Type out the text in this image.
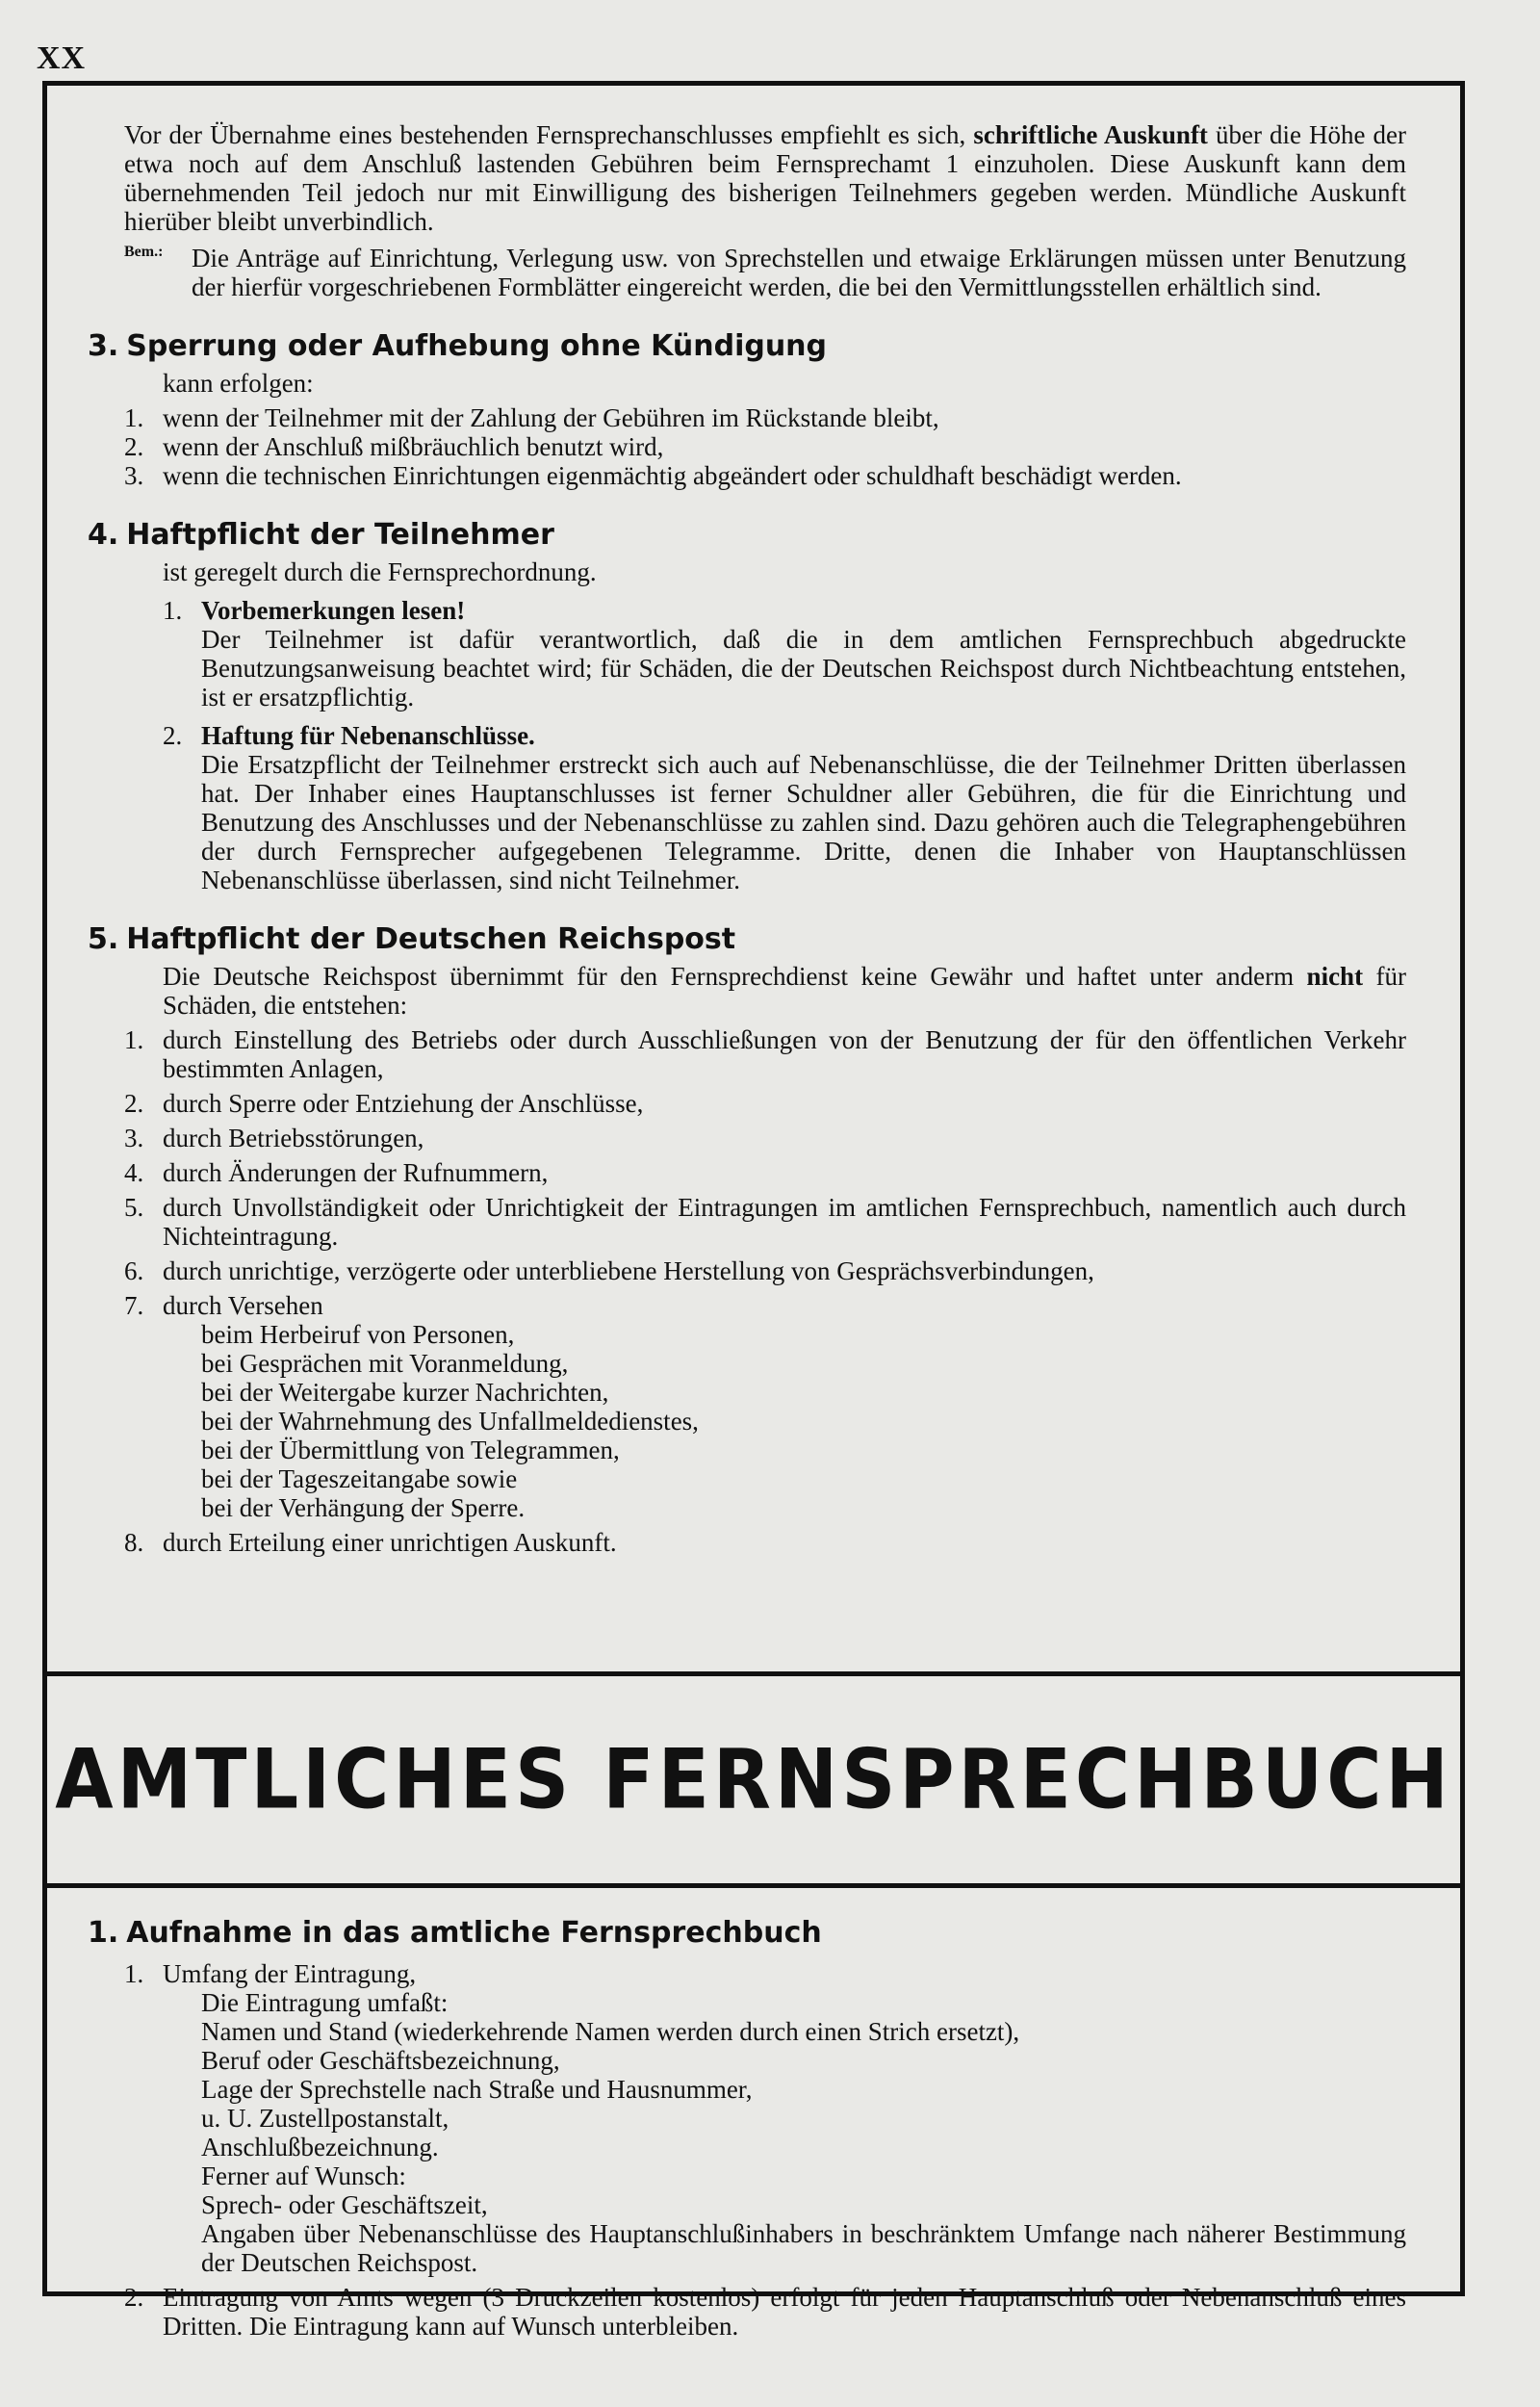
XX

Vor der Übernahme eines bestehenden Fernsprechanschlusses empfiehlt es sich, schriftliche Auskunft über die Höhe der etwa noch auf dem Anschluß lastenden Gebühren beim Fernsprechamt 1 einzuholen. Diese Auskunft kann dem übernehmenden Teil jedoch nur mit Einwilligung des bisherigen Teilnehmers gegeben werden. Mündliche Auskunft hierüber bleibt unverbindlich.

Bem.:	Die Anträge auf Einrichtung, Verlegung usw. von Sprechstellen und etwaige Erklärungen müssen unter Benutzung der hierfür vorgeschriebenen Formblätter eingereicht werden, die bei den Vermittlungsstellen erhältlich sind.

3. Sperrung oder Aufhebung ohne Kündigung

kann erfolgen:

1. wenn der Teilnehmer mit der Zahlung der Gebühren im Rückstande bleibt,
2. wenn der Anschluß mißbräuchlich benutzt wird,
3. wenn die technischen Einrichtungen eigenmächtig abgeändert oder schuldhaft beschädigt werden.
4. Haftpflicht der Teilnehmer

ist geregelt durch die Fernsprechordnung.

1. Vorbemerkungen lesen!

Der Teilnehmer ist dafür verantwortlich, daß die in dem amtlichen Fernsprechbuch abgedruckte Benutzungsanweisung beachtet wird; für Schäden, die der Deutschen Reichspost durch Nichtbeachtung entstehen, ist er ersatzpflichtig.

2. Haftung für Nebenanschlüsse.

Die Ersatzpflicht der Teilnehmer erstreckt sich auch auf Nebenanschlüsse, die der Teilnehmer Dritten überlassen hat. Der Inhaber eines Hauptanschlusses ist ferner Schuldner aller Gebühren, die für die Einrichtung und Benutzung des Anschlusses und der Nebenanschlüsse zu zahlen sind. Dazu gehören auch die Telegraphengebühren der durch Fernsprecher aufgegebenen Telegramme. Dritte, denen die Inhaber von Hauptanschlüssen Nebenanschlüsse überlassen, sind nicht Teilnehmer.

5. Haftpflicht der Deutschen Reichspost

Die Deutsche Reichspost übernimmt für den Fernsprechdienst keine Gewähr und haftet unter anderm nicht für Schäden, die entstehen:

1. durch Einstellung des Betriebs oder durch Ausschließungen von der Benutzung der für den öffentlichen Verkehr bestimmten Anlagen,
2. durch Sperre oder Entziehung der Anschlüsse,
3. durch Betriebsstörungen,
4. durch Änderungen der Rufnummern,
5. durch Unvollständigkeit oder Unrichtigkeit der Eintragungen im amtlichen Fernsprechbuch, namentlich auch durch Nichteintragung.
6. durch unrichtige, verzögerte oder unterbliebene Herstellung von Gesprächsverbindungen,
7. durch Versehen
beim Herbeiruf von Personen,
bei Gesprächen mit Voranmeldung,
bei der Weitergabe kurzer Nachrichten,
bei der Wahrnehmung des Unfallmeldedienstes,
bei der Übermittlung von Telegrammen,
bei der Tageszeitangabe sowie
bei der Verhängung der Sperre.
8. durch Erteilung einer unrichtigen Auskunft.
AMTLICHES FERNSPRECHBUCH
1. Aufnahme in das amtliche Fernsprechbuch
1. Umfang der Eintragung,
Die Eintragung umfaßt:
Namen und Stand (wiederkehrende Namen werden durch einen Strich ersetzt),
Beruf oder Geschäftsbezeichnung,
Lage der Sprechstelle nach Straße und Hausnummer,
u. U. Zustellpostanstalt,
Anschlußbezeichnung.
Ferner auf Wunsch:
Sprech- oder Geschäftszeit,
Angaben über Nebenanschlüsse des Hauptanschlußinhabers in beschränktem Umfange nach näherer Bestimmung der Deutschen Reichspost.
2. Eintragung von Amts wegen (3 Druckzeilen kostenlos) erfolgt für jeden Hauptanschluß oder Nebenanschluß eines Dritten. Die Eintragung kann auf Wunsch unterbleiben.
